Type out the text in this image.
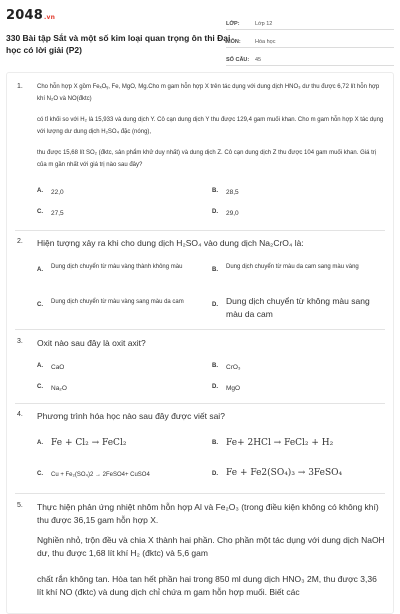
2048.vn
330 Bài tập Sắt và một số kim loại quan trọng ôn thi Đại học có lời giải (P2)
LỚP:	Lớp 12
MÔN:	Hóa học
SỐ CÂU:	45
1. Cho hỗn hợp X gồm FeₓOᵧ, Fe, MgO, Mg.Cho m gam hỗn hợp X trên tác dụng với dung dịch HNO₃ dư thu được 6,72 lít hỗn hợp khí N₂O và NO(đktc)
có tỉ khối so với H₂ là 15,933 và dung dịch Y. Cô cạn dung dịch Y thu được 129,4 gam muối khan. Cho m gam hỗn hợp X tác dụng với lượng dư dung dịch H₂SO₄ đặc (nóng),
thu được 15,68 lít SO₂ (đktc, sản phẩm khử duy nhất) và dung dịch Z. Cô cạn dung dịch Z thu được 104 gam muối khan. Giá trị của m gần nhất với giá trị nào sau đây?
A.	22,0	B.	28,5
C.	27,5	D.	29,0
2. Hiện tượng xảy ra khi cho dung dịch H₂SO₄ vào dung dịch Na₂CrO₄ là:
A.	Dung dịch chuyển từ màu vàng thành không màu	B.	Dung dịch chuyển từ màu da cam sang màu vàng
C.	Dung dịch chuyển từ màu vàng sang màu da cam	D. Dung dịch chuyển từ không màu sang màu da cam
3. Oxit nào sau đây là oxit axit?
A.	CaO	B.	CrO₃
C.	Na₂O	D.	MgO
4. Phương trình hóa học nào sau đây được viết sai?
A. Fe + Cl₂ → FeCl₂	B. Fe+ 2HCl → FeCl₂ + H₂
C.	Cu + Fe₂(SO₄)2 → 2FeSO4+ CuSO4	D. Fe + Fe2(SO₄)₃ → 3FeSO₄
5. Thực hiện phản ứng nhiệt nhôm hỗn hợp Al và Fe₂O₃ (trong điều kiện không có không khí) thu được 36,15 gam hỗn hợp X.
Nghiền nhỏ, trộn đều và chia X thành hai phần. Cho phần một tác dụng với dung dịch NaOH dư, thu được 1,68 lít khí H₂ (đktc) và 5,6 gam
chất rắn không tan. Hòa tan hết phần hai trong 850 ml dung dịch HNO₃ 2M, thu được 3,36 lít khí NO (đktc) và dung dịch chỉ chứa m gam hỗn hợp muối. Biết các
